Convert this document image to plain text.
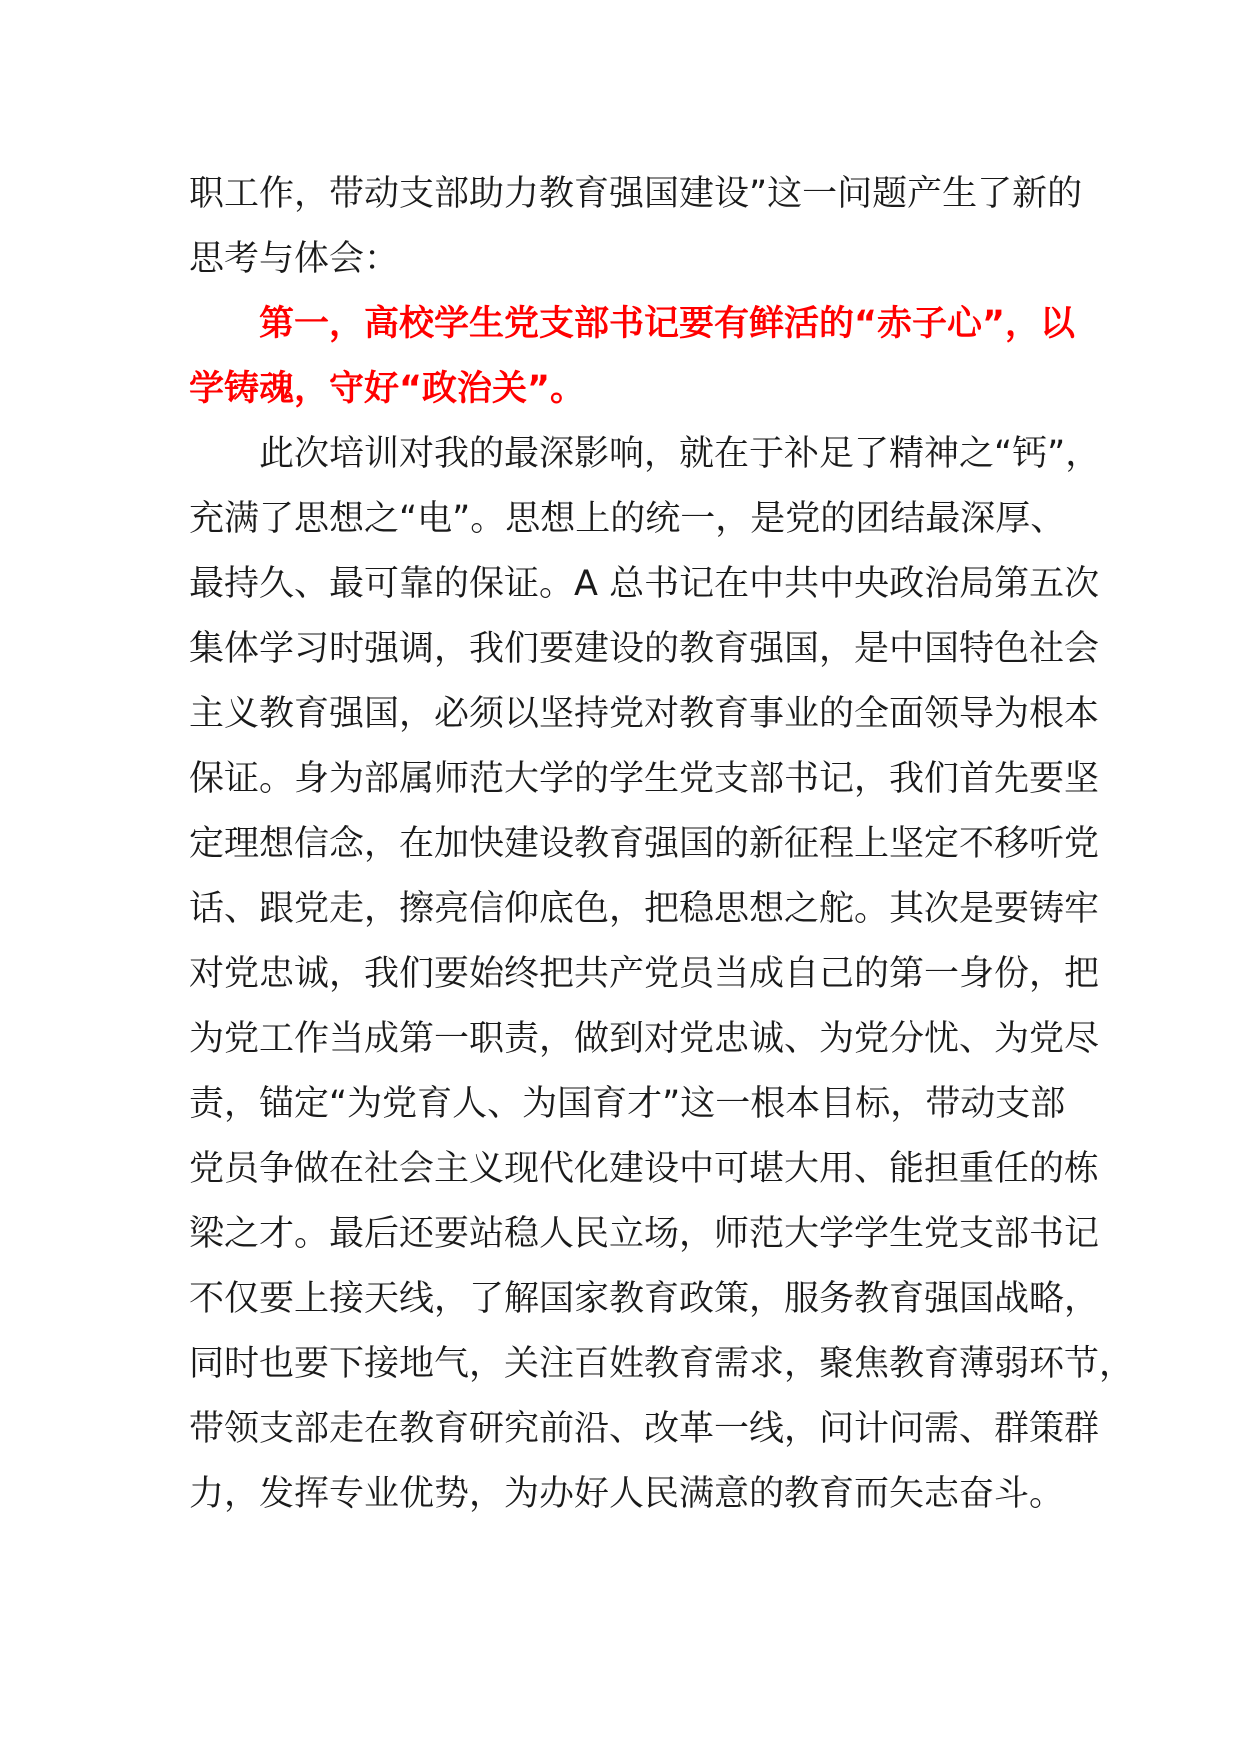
职工作，带动支部助力教育强国建设”这一问题产生了新的
思考与体会：

第一，高校学生党支部书记要有鲜活的“赤子心”，以
学铸魂，守好“政治关”。

此次培训对我的最深影响，就在于补足了精神之“钙”，
充满了思想之“电”。思想上的统一，是党的团结最深厚、
最持久、最可靠的保证。A 总书记在中共中央政治局第五次
集体学习时强调，我们要建设的教育强国，是中国特色社会
主义教育强国，必须以坚持党对教育事业的全面领导为根本
保证。身为部属师范大学的学生党支部书记，我们首先要坚
定理想信念，在加快建设教育强国的新征程上坚定不移听党
话、跟党走，擦亮信仰底色，把稳思想之舵。其次是要铸牢
对党忠诚，我们要始终把共产党员当成自己的第一身份，把
为党工作当成第一职责，做到对党忠诚、为党分忧、为党尽
责，锚定“为党育人、为国育才”这一根本目标，带动支部
党员争做在社会主义现代化建设中可堪大用、能担重任的栋
梁之才。最后还要站稳人民立场，师范大学学生党支部书记
不仅要上接天线，了解国家教育政策，服务教育强国战略，
同时也要下接地气，关注百姓教育需求，聚焦教育薄弱环节，
带领支部走在教育研究前沿、改革一线，问计问需、群策群
力，发挥专业优势，为办好人民满意的教育而矢志奋斗。
